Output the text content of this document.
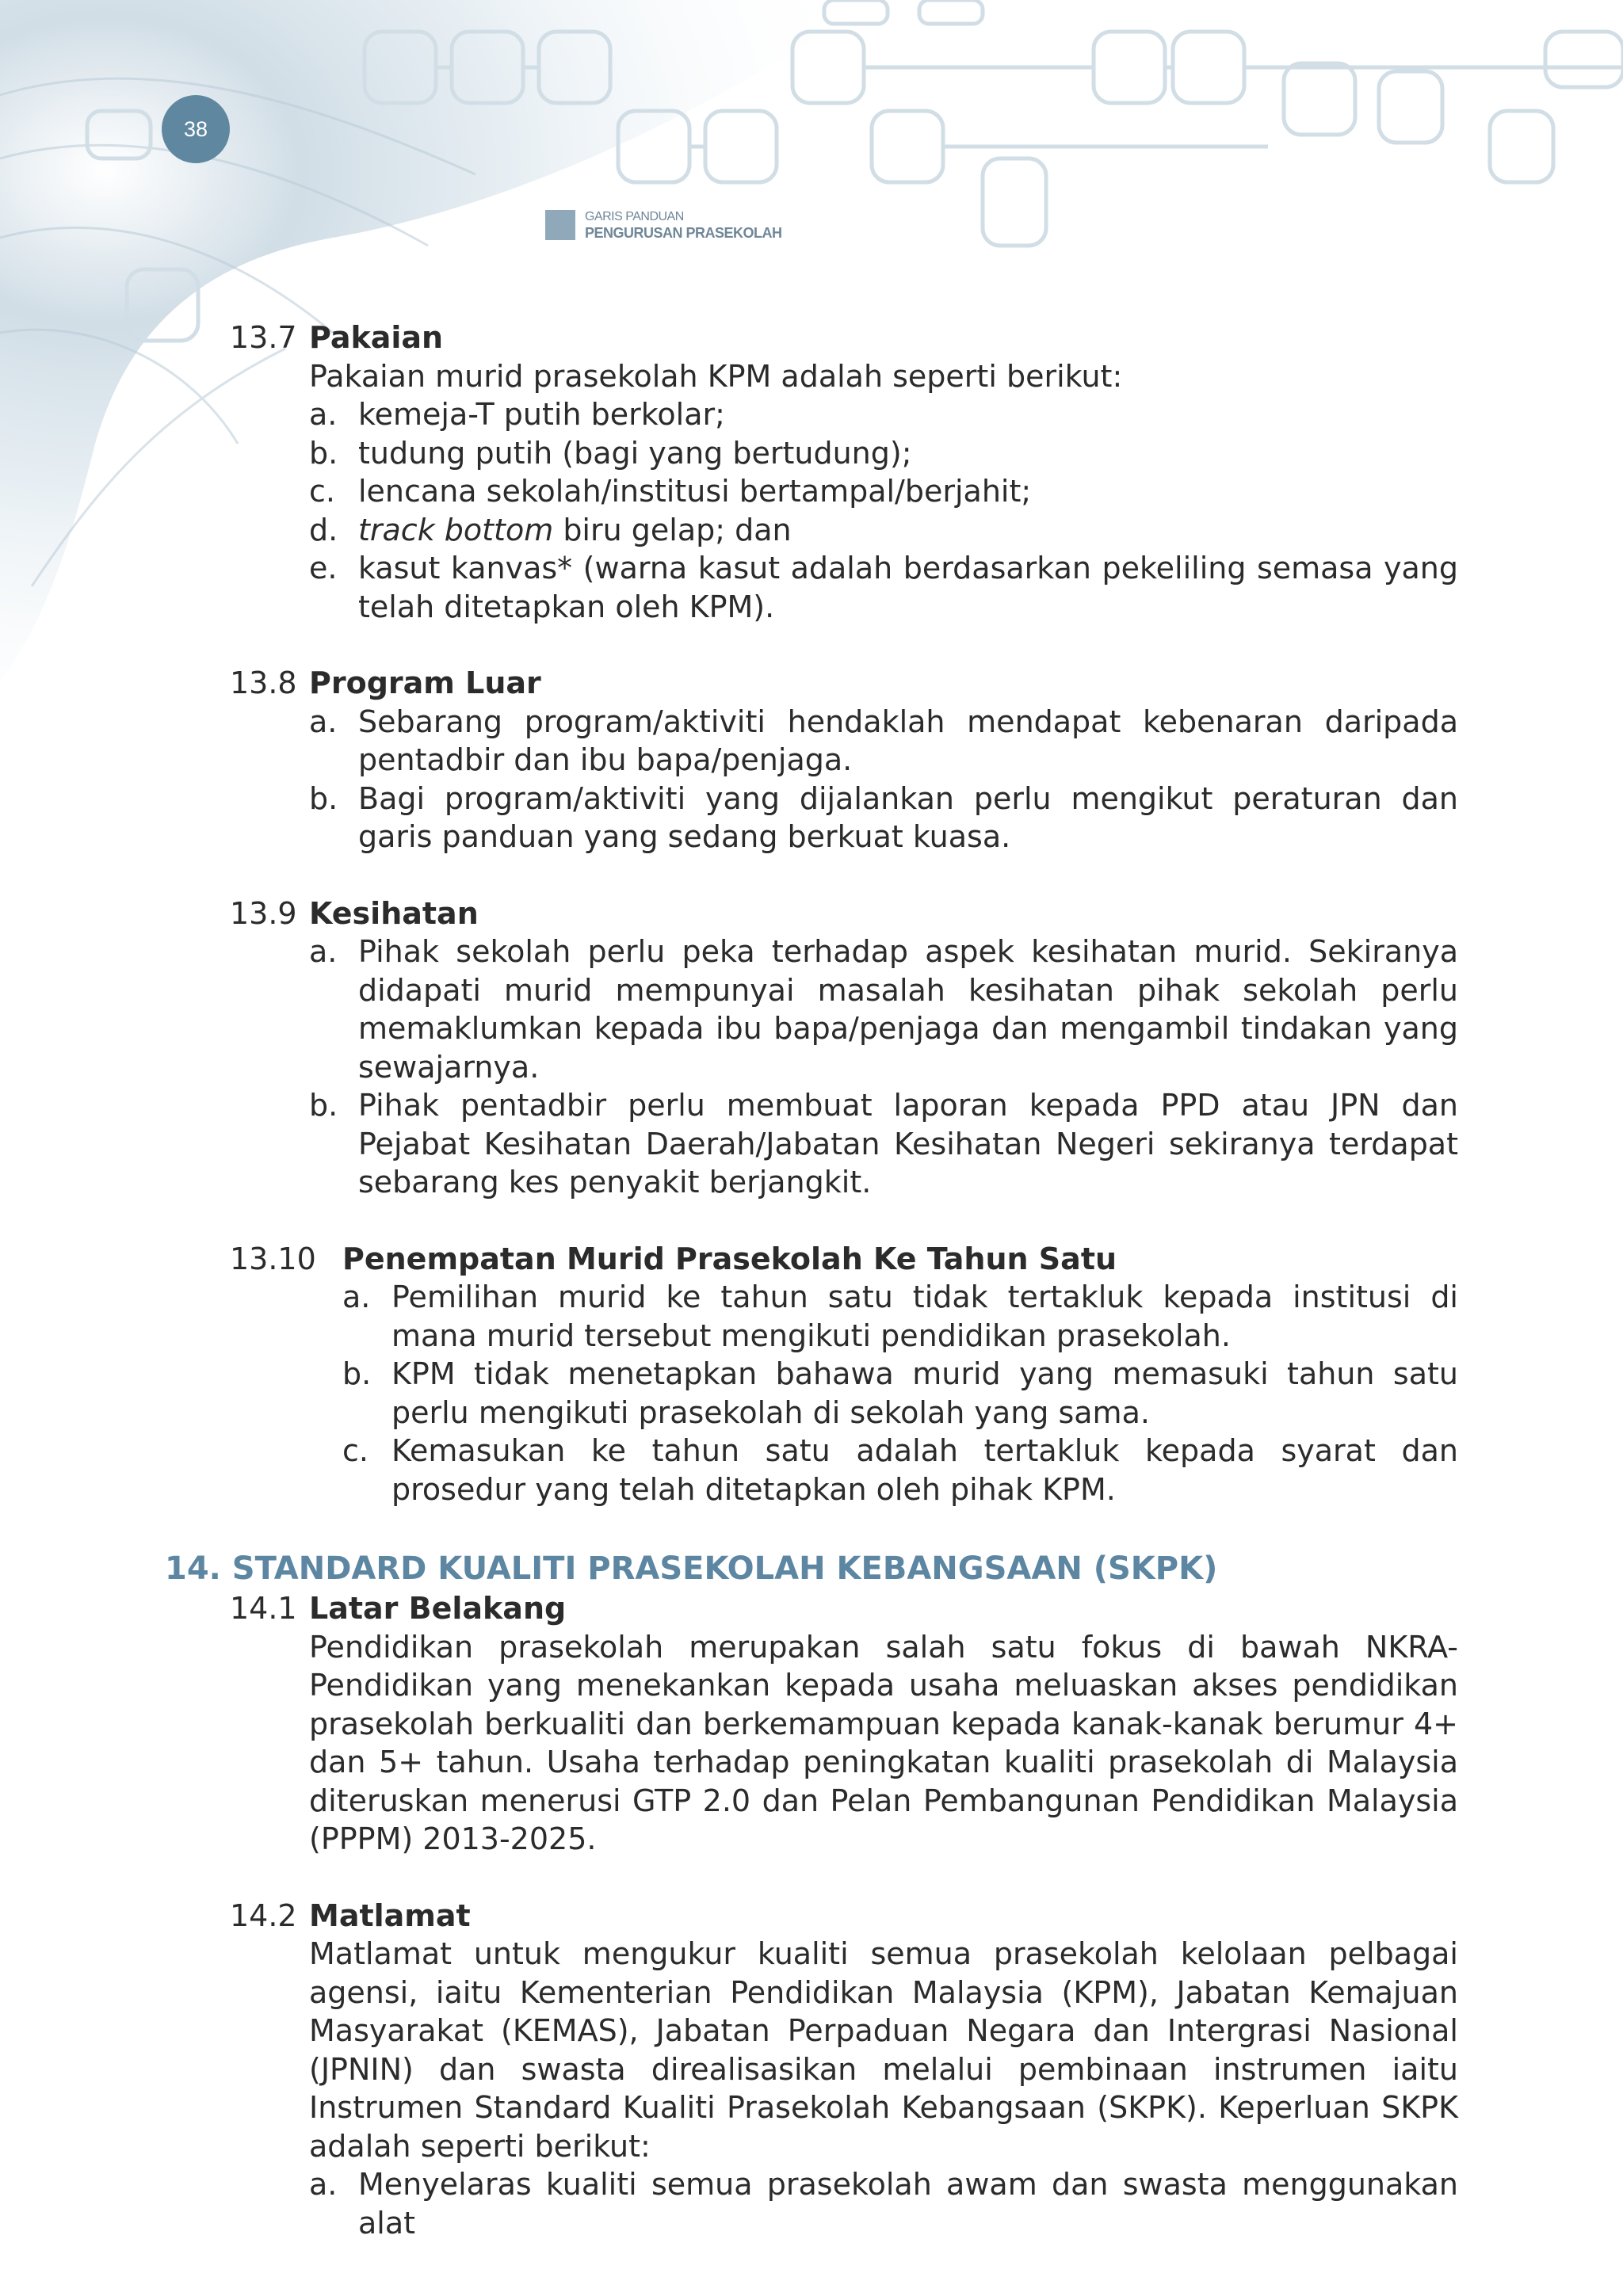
38
GARIS PANDUAN
PENGURUSAN PRASEKOLAH
13.7 Pakaian
Pakaian murid prasekolah KPM adalah seperti berikut:
a. kemeja-T putih berkolar;
b. tudung putih (bagi yang bertudung);
c. lencana sekolah/institusi bertampal/berjahit;
d. track bottom biru gelap; dan
e. kasut kanvas* (warna kasut adalah berdasarkan pekeliling semasa yang telah ditetapkan oleh KPM).
13.8 Program Luar
a. Sebarang program/aktiviti hendaklah mendapat kebenaran daripada pentadbir dan ibu bapa/penjaga.
b. Bagi program/aktiviti yang dijalankan perlu mengikut peraturan dan garis panduan yang sedang berkuat kuasa.
13.9 Kesihatan
a. Pihak sekolah perlu peka terhadap aspek kesihatan murid. Sekiranya didapati murid mempunyai masalah kesihatan pihak sekolah perlu memaklumkan kepada ibu bapa/penjaga dan mengambil tindakan yang sewajarnya.
b. Pihak pentadbir perlu membuat laporan kepada PPD atau JPN dan Pejabat Kesihatan Daerah/Jabatan Kesihatan Negeri sekiranya terdapat sebarang kes penyakit berjangkit.
13.10 Penempatan Murid Prasekolah Ke Tahun Satu
a. Pemilihan murid ke tahun satu tidak tertakluk kepada institusi di mana murid tersebut mengikuti pendidikan prasekolah.
b. KPM tidak menetapkan bahawa murid yang memasuki tahun satu perlu mengikuti prasekolah di sekolah yang sama.
c. Kemasukan ke tahun satu adalah tertakluk kepada syarat dan prosedur yang telah ditetapkan oleh pihak KPM.
14. STANDARD KUALITI PRASEKOLAH KEBANGSAAN (SKPK)
14.1 Latar Belakang
Pendidikan prasekolah merupakan salah satu fokus di bawah NKRA-Pendidikan yang menekankan kepada usaha meluaskan akses pendidikan prasekolah berkualiti dan berkemampuan kepada kanak-kanak berumur 4+ dan 5+ tahun. Usaha terhadap peningkatan kualiti prasekolah di Malaysia diteruskan menerusi GTP 2.0 dan Pelan Pembangunan Pendidikan Malaysia (PPPM) 2013-2025.
14.2 Matlamat
Matlamat untuk mengukur kualiti semua prasekolah kelolaan pelbagai agensi, iaitu Kementerian Pendidikan Malaysia (KPM), Jabatan Kemajuan Masyarakat (KEMAS), Jabatan Perpaduan Negara dan Intergrasi Nasional (JPNIN) dan swasta direalisasikan melalui pembinaan instrumen iaitu Instrumen Standard Kualiti Prasekolah Kebangsaan (SKPK). Keperluan SKPK adalah seperti berikut:
a. Menyelaras kualiti semua prasekolah awam dan swasta menggunakan alat
